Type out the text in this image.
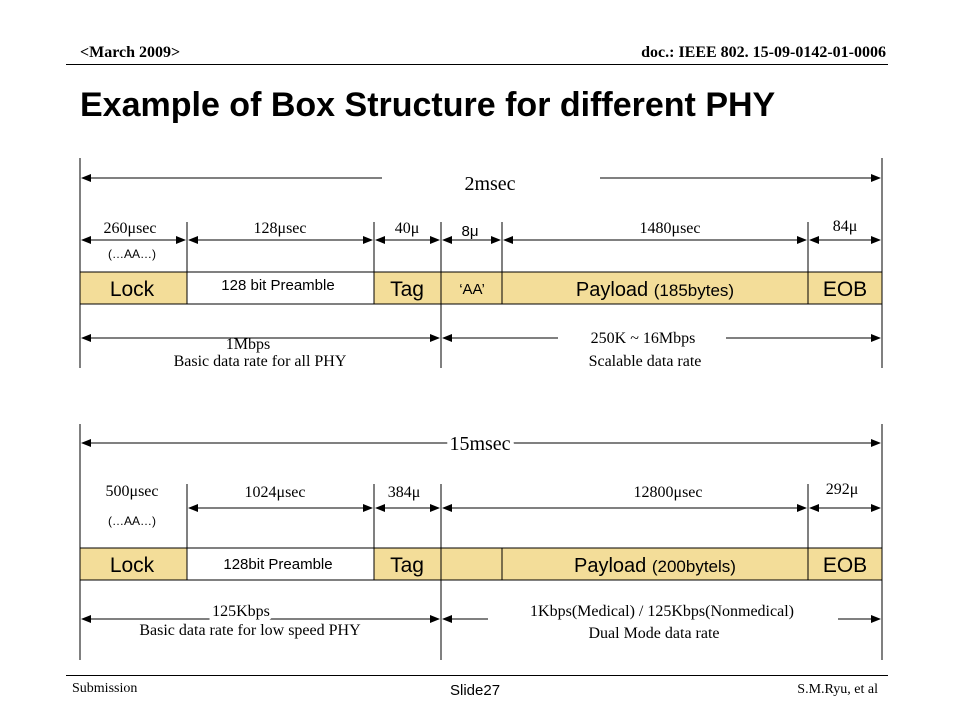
<March 2009>	doc.: IEEE 802. 15-09-0142-01-0006
Example of Box Structure for different PHY
2msec
260μsec
(…AA…)
128μsec	40μ	8μ	1480μsec	84μ
Lock	128 bit Preamble	Tag ‘AA’	Payload (185bytes)	EOB
1Mbps
Basic data rate for all PHY
250K ~ 16Mbps
Scalable data rate
15msec
500μsec
(…AA…)
1024μsec	384μ	12800μsec	292μ
Lock	128bit Preamble	Tag	Payload (200bytels)	EOB
125Kbps
Basic data rate for low speed PHY
1Kbps(Medical) / 125Kbps(Nonmedical)
Dual Mode data rate
Submission	Slide27	S.M.Ryu, et al
